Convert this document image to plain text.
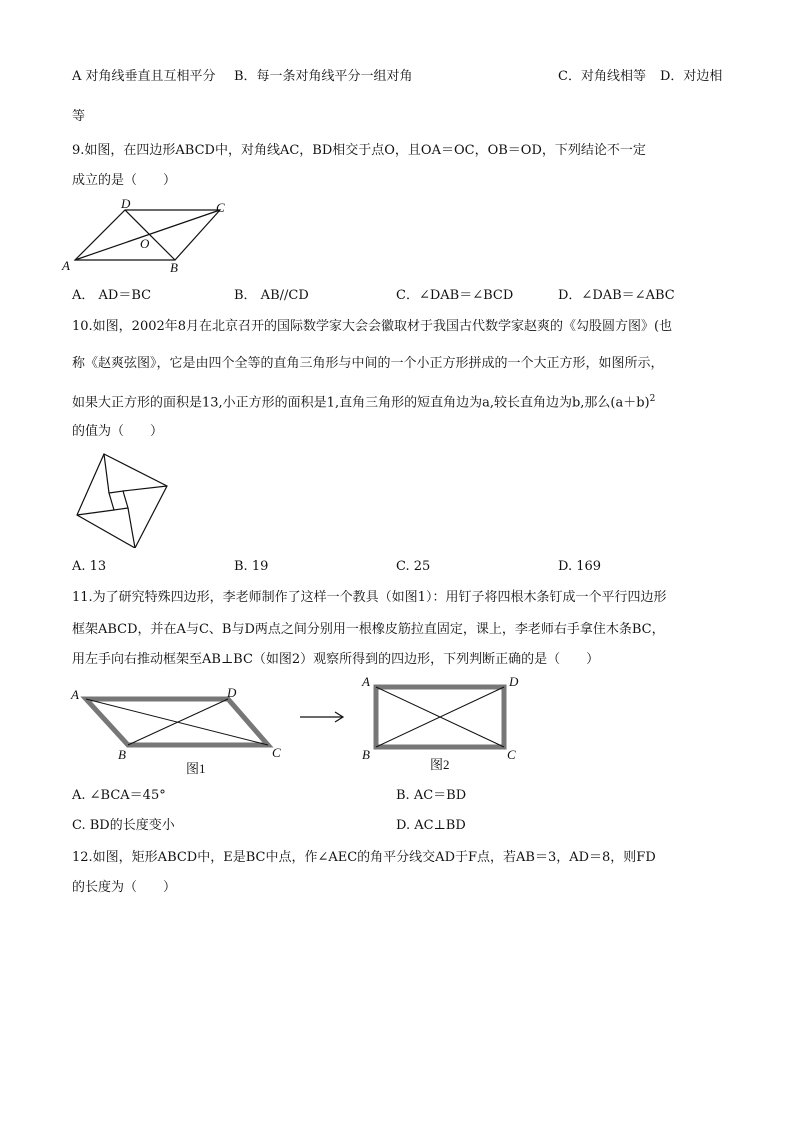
A 对角线垂直且互相平分 B．每一条对角线平分一组对角	C．对角线相等 D．对边相
等
9.如图，在四边形ABCD中，对角线AC，BD相交于点O，且OA＝OC，OB＝OD，下列结论不一定
成立的是（　　）
A	B
C
D
O
A． AD＝BC	B． AB//CD	C．∠DAB＝∠BCD	D．∠DAB＝∠ABC
10.如图，2002年8月在北京召开的国际数学家大会会徽取材于我国古代数学家赵爽的《勾股圆方图》(也
称《赵爽弦图》，它是由四个全等的直角三角形与中间的一个小正方形拼成的一个大正方形，如图所示，
如果大正方形的面积是13,小正方形的面积是1,直角三角形的短直角边为a,较长直角边为b,那么$(a+b)^2$
的值为（　　）
A. 13	B. 19	C. 25	D. 169
11.为了研究特殊四边形，李老师制作了这样一个教具（如图1）：用钉子将四根木条钉成一个平行四边形
框架ABCD，并在A与C、B与D两点之间分别用一根橡皮筋拉直固定，课上，李老师右手拿住木条BC，
用左手向右推动框架至AB⊥BC（如图2）观察所得到的四边形，下列判断正确的是（　　）
A	D
B	C
图1
A	D
B	C
图2
A. ∠BCA＝45°	B. AC＝BD
C. BD的长度变小	D. AC⊥BD
12.如图，矩形ABCD中，E是BC中点，作∠AEC的角平分线交AD于F点，若AB＝3，AD＝8，则FD
的长度为（　　）
